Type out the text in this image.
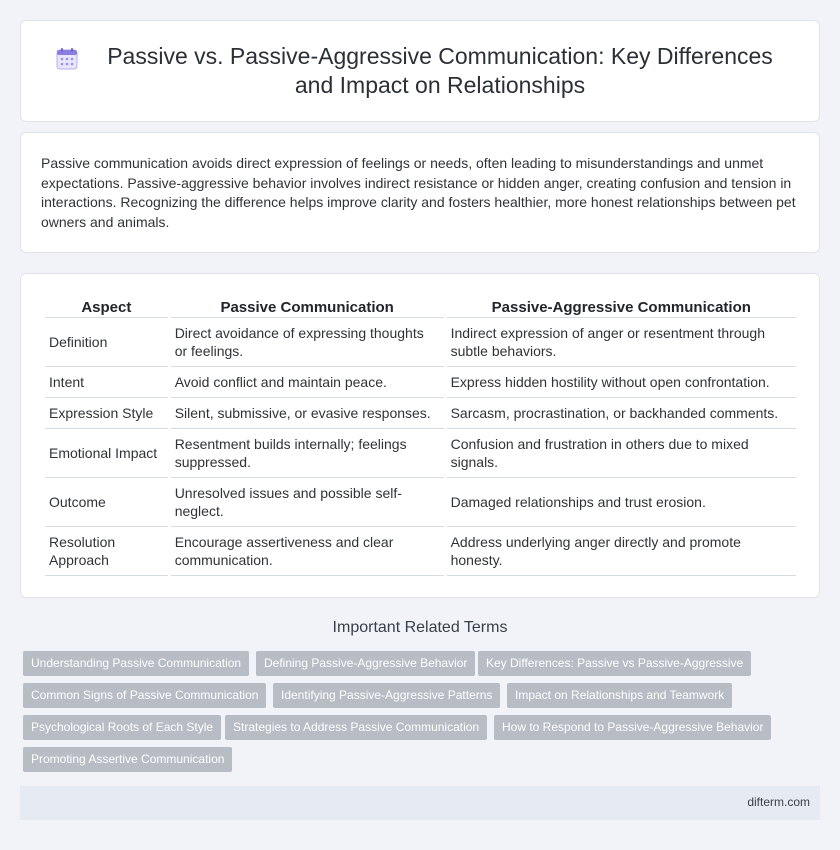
Passive vs. Passive-Aggressive Communication: Key Differences and Impact on Relationships

Passive communication avoids direct expression of feelings or needs, often leading to misunderstandings and unmet expectations. Passive-aggressive behavior involves indirect resistance or hidden anger, creating confusion and tension in interactions. Recognizing the difference helps improve clarity and fosters healthier, more honest relationships between pet owners and animals.

Aspect	Passive Communication	Passive-Aggressive Communication
Definition	Direct avoidance of expressing thoughts or feelings.	Indirect expression of anger or resentment through subtle behaviors.
Intent	Avoid conflict and maintain peace.	Express hidden hostility without open confrontation.
Expression Style	Silent, submissive, or evasive responses.	Sarcasm, procrastination, or backhanded comments.
Emotional Impact	Resentment builds internally; feelings suppressed.	Confusion and frustration in others due to mixed signals.
Outcome	Unresolved issues and possible self-neglect.	Damaged relationships and trust erosion.
Resolution Approach	Encourage assertiveness and clear communication.	Address underlying anger directly and promote honesty.
Important Related Terms
Understanding Passive Communication	Defining Passive-Aggressive Behavior	Key Differences: Passive vs Passive-Aggressive
Common Signs of Passive Communication	Identifying Passive-Aggressive Patterns	Impact on Relationships and Teamwork
Psychological Roots of Each Style	Strategies to Address Passive Communication	How to Respond to Passive-Aggressive Behavior
Promoting Assertive Communication
difterm.com
